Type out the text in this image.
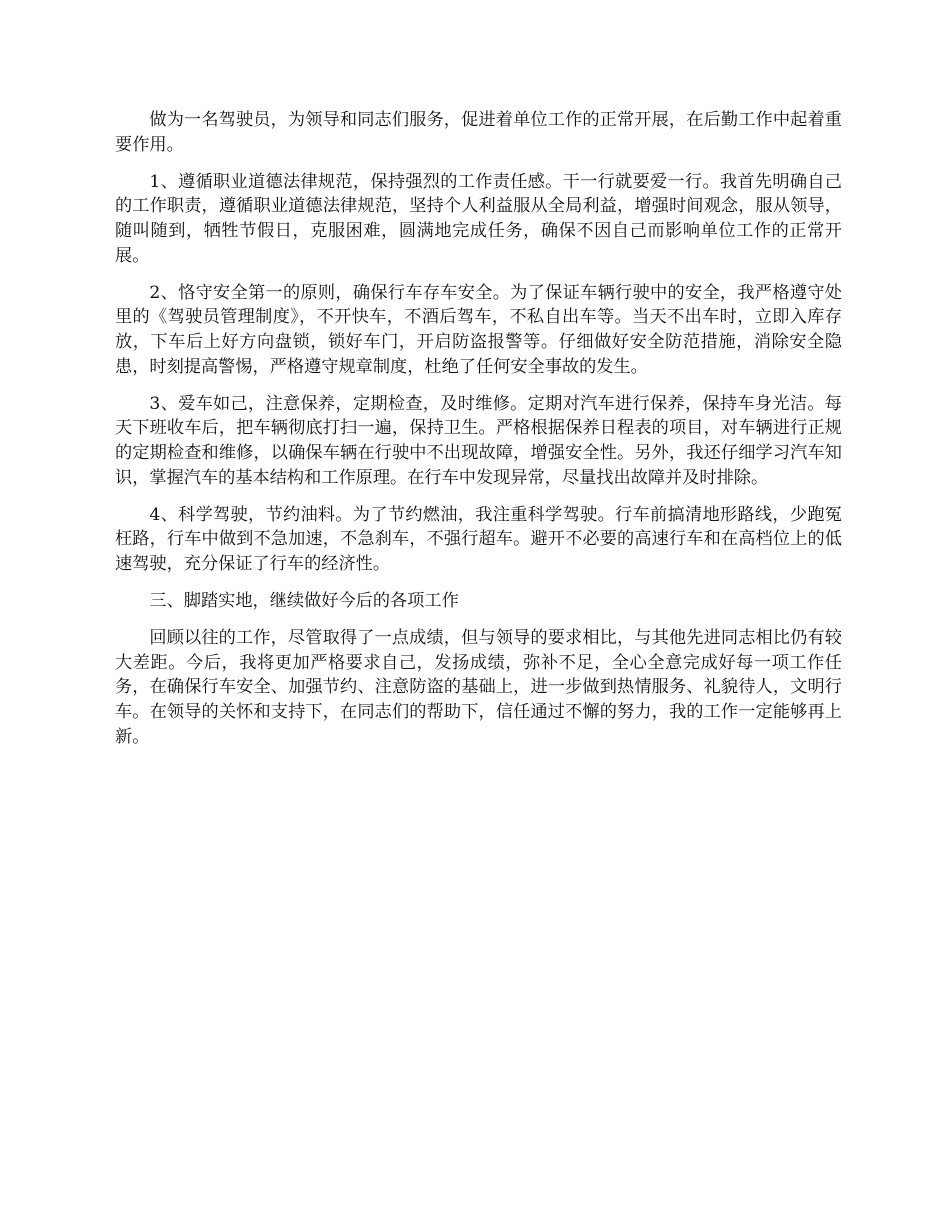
做为一名驾驶员，为领导和同志们服务，促进着单位工作的正常开展，在后勤工作中起着重要作用。

1、遵循职业道德法律规范，保持强烈的工作责任感。干一行就要爱一行。我首先明确自己的工作职责，遵循职业道德法律规范，坚持个人利益服从全局利益，增强时间观念，服从领导，随叫随到，牺牲节假日，克服困难，圆满地完成任务，确保不因自己而影响单位工作的正常开展。

2、恪守安全第一的原则，确保行车存车安全。为了保证车辆行驶中的安全，我严格遵守处里的《驾驶员管理制度》，不开快车，不酒后驾车，不私自出车等。当天不出车时，立即入库存放，下车后上好方向盘锁，锁好车门，开启防盗报警等。仔细做好安全防范措施，消除安全隐患，时刻提高警惕，严格遵守规章制度，杜绝了任何安全事故的发生。

3、爱车如己，注意保养，定期检查，及时维修。定期对汽车进行保养，保持车身光洁。每天下班收车后，把车辆彻底打扫一遍，保持卫生。严格根据保养日程表的项目，对车辆进行正规的定期检查和维修，以确保车辆在行驶中不出现故障，增强安全性。另外，我还仔细学习汽车知识，掌握汽车的基本结构和工作原理。在行车中发现异常，尽量找出故障并及时排除。

4、科学驾驶，节约油料。为了节约燃油，我注重科学驾驶。行车前搞清地形路线，少跑冤枉路，行车中做到不急加速，不急刹车，不强行超车。避开不必要的高速行车和在高档位上的低速驾驶，充分保证了行车的经济性。

三、脚踏实地，继续做好今后的各项工作

回顾以往的工作，尽管取得了一点成绩，但与领导的要求相比，与其他先进同志相比仍有较大差距。今后，我将更加严格要求自己，发扬成绩，弥补不足，全心全意完成好每一项工作任务，在确保行车安全、加强节约、注意防盗的基础上，进一步做到热情服务、礼貌待人，文明行车。在领导的关怀和支持下，在同志们的帮助下，信任通过不懈的努力，我的工作一定能够再上新。
